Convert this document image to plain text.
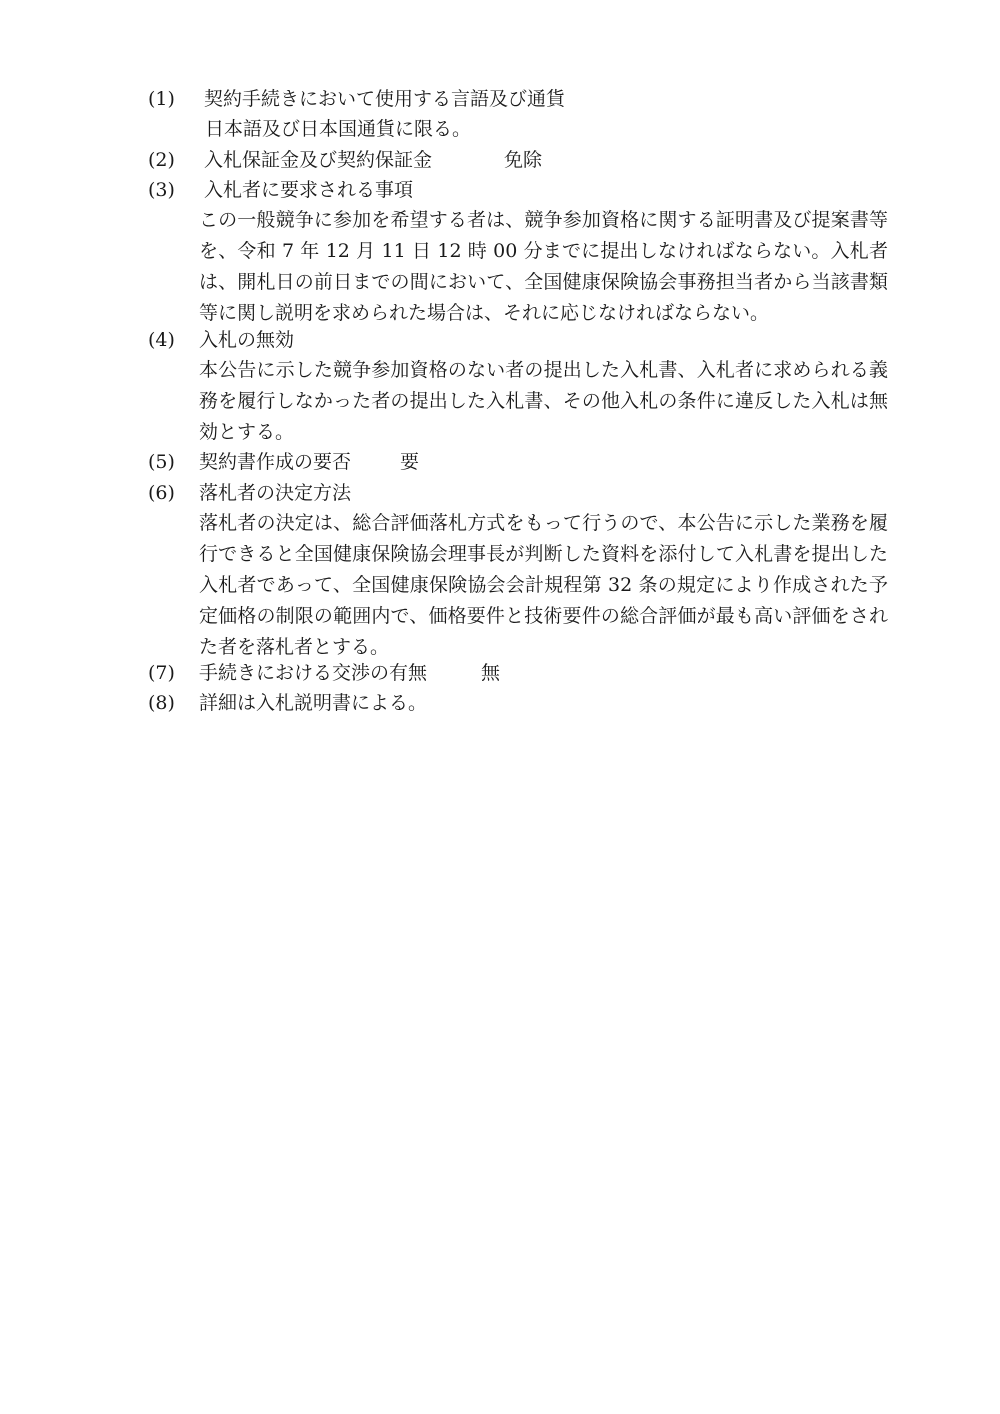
(1) 契約手続きにおいて使用する言語及び通貨
日本語及び日本国通貨に限る。
(2) 入札保証金及び契約保証金	免除
(3) 入札者に要求される事項
この一般競争に参加を希望する者は、競争参加資格に関する証明書及び提案書等を、令和 7 年 12 月 11 日 12 時 00 分までに提出しなければならない。入札者は、開札日の前日までの間において、全国健康保険協会事務担当者から当該書類等に関し説明を求められた場合は、それに応じなければならない。
(4) 入札の無効
本公告に示した競争参加資格のない者の提出した入札書、入札者に求められる義務を履行しなかった者の提出した入札書、その他入札の条件に違反した入札は無効とする。
(5) 契約書作成の要否	要
(6) 落札者の決定方法
落札者の決定は、総合評価落札方式をもって行うので、本公告に示した業務を履行できると全国健康保険協会理事長が判断した資料を添付して入札書を提出した入札者であって、全国健康保険協会会計規程第 32 条の規定により作成された予定価格の制限の範囲内で、価格要件と技術要件の総合評価が最も高い評価をされた者を落札者とする。
(7) 手続きにおける交渉の有無	無
(8) 詳細は入札説明書による。
